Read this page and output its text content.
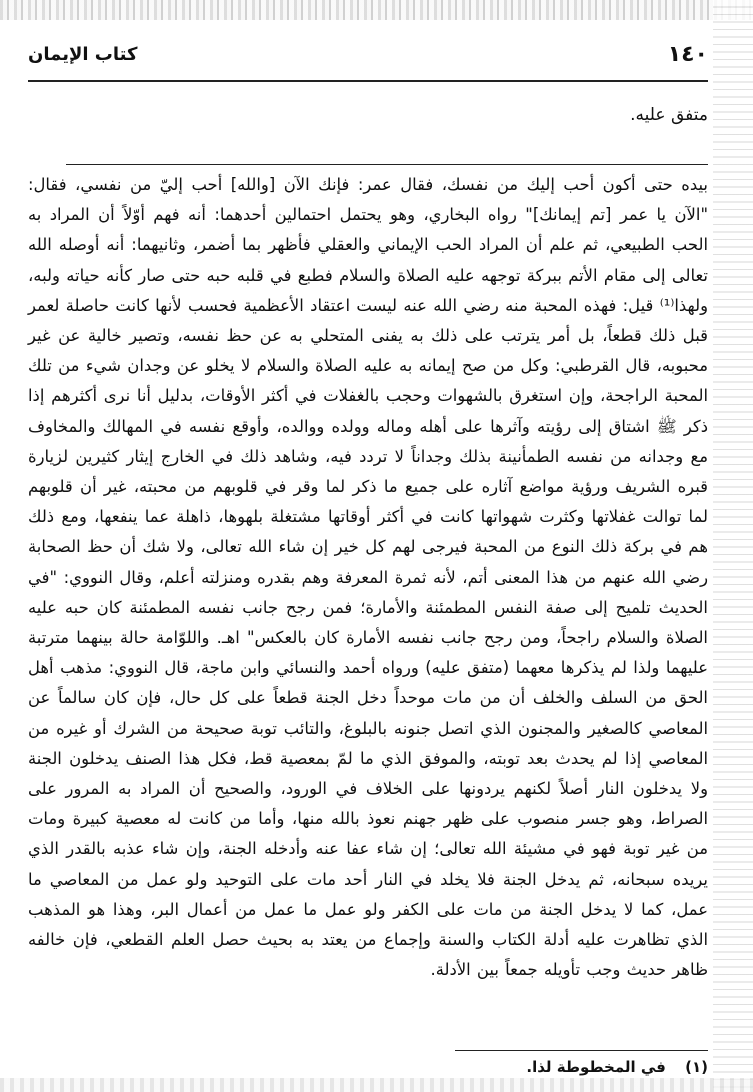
١٤٠
كتاب الإيمان
متفق عليه.

بيده حتى أكون أحب إليك من نفسك، فقال عمر: فإنك الآن [والله] أحب إليّ من نفسي، فقال: "الآن يا عمر [تم إيمانك]" رواه البخاري، وهو يحتمل احتمالين أحدهما: أنه فهم أوّلاً أن المراد به الحب الطبيعي، ثم علم أن المراد الحب الإيماني والعقلي فأظهر بما أضمر، وثانيهما: أنه أوصله الله تعالى إلى مقام الأتم ببركة توجهه عليه الصلاة والسلام فطبع في قلبه حبه حتى صار كأنه حياته ولبه، ولهذا⁽¹⁾ قيل: فهذه المحبة منه رضي الله عنه ليست اعتقاد الأعظمية فحسب لأنها كانت حاصلة لعمر قبل ذلك قطعاً، بل أمر يترتب على ذلك به يفنى المتحلي به عن حظ نفسه، وتصير خالية عن غير محبوبه، قال القرطبي: وكل من صح إيمانه به عليه الصلاة والسلام لا يخلو عن وجدان شيء من تلك المحبة الراجحة، وإن استغرق بالشهوات وحجب بالغفلات في أكثر الأوقات، بدليل أنا نرى أكثرهم إذا ذكر ﷺ اشتاق إلى رؤيته وآثرها على أهله وماله وولده ووالده، وأوقع نفسه في المهالك والمخاوف مع وجدانه من نفسه الطمأنينة بذلك وجداناً لا تردد فيه، وشاهد ذلك في الخارج إيثار كثيرين لزيارة قبره الشريف ورؤية مواضع آثاره على جميع ما ذكر لما وقر في قلوبهم من محبته، غير أن قلوبهم لما توالت غفلاتها وكثرت شهواتها كانت في أكثر أوقاتها مشتغلة بلهوها، ذاهلة عما ينفعها، ومع ذلك هم في بركة ذلك النوع من المحبة فيرجى لهم كل خير إن شاء الله تعالى، ولا شك أن حظ الصحابة رضي الله عنهم من هذا المعنى أتم، لأنه ثمرة المعرفة وهم بقدره ومنزلته أعلم، وقال النووي: "في الحديث تلميح إلى صفة النفس المطمئنة والأمارة؛ فمن رجح جانب نفسه المطمئنة كان حبه عليه الصلاة والسلام راجحاً، ومن رجح جانب نفسه الأمارة كان بالعكس" اهـ. واللوّامة حالة بينهما مترتبة عليهما ولذا لم يذكرها معهما (متفق عليه) ورواه أحمد والنسائي وابن ماجة، قال النووي: مذهب أهل الحق من السلف والخلف أن من مات موحداً دخل الجنة قطعاً على كل حال، فإن كان سالماً عن المعاصي كالصغير والمجنون الذي اتصل جنونه بالبلوغ، والتائب توبة صحيحة من الشرك أو غيره من المعاصي إذا لم يحدث بعد توبته، والموفق الذي ما لمّ بمعصية قط، فكل هذا الصنف يدخلون الجنة ولا يدخلون النار أصلاً لكنهم يردونها على الخلاف في الورود، والصحيح أن المراد به المرور على الصراط، وهو جسر منصوب على ظهر جهنم نعوذ بالله منها، وأما من كانت له معصية كبيرة ومات من غير توبة فهو في مشيئة الله تعالى؛ إن شاء عفا عنه وأدخله الجنة، وإن شاء عذبه بالقدر الذي يريده سبحانه، ثم يدخل الجنة فلا يخلد في النار أحد مات على التوحيد ولو عمل من المعاصي ما عمل، كما لا يدخل الجنة من مات على الكفر ولو عمل ما عمل من أعمال البر، وهذا هو المذهب الذي تظاهرت عليه أدلة الكتاب والسنة وإجماع من يعتد به بحيث حصل العلم القطعي، فإن خالفه ظاهر حديث وجب تأويله جمعاً بين الأدلة.

(١) في المخطوطة لذا.
